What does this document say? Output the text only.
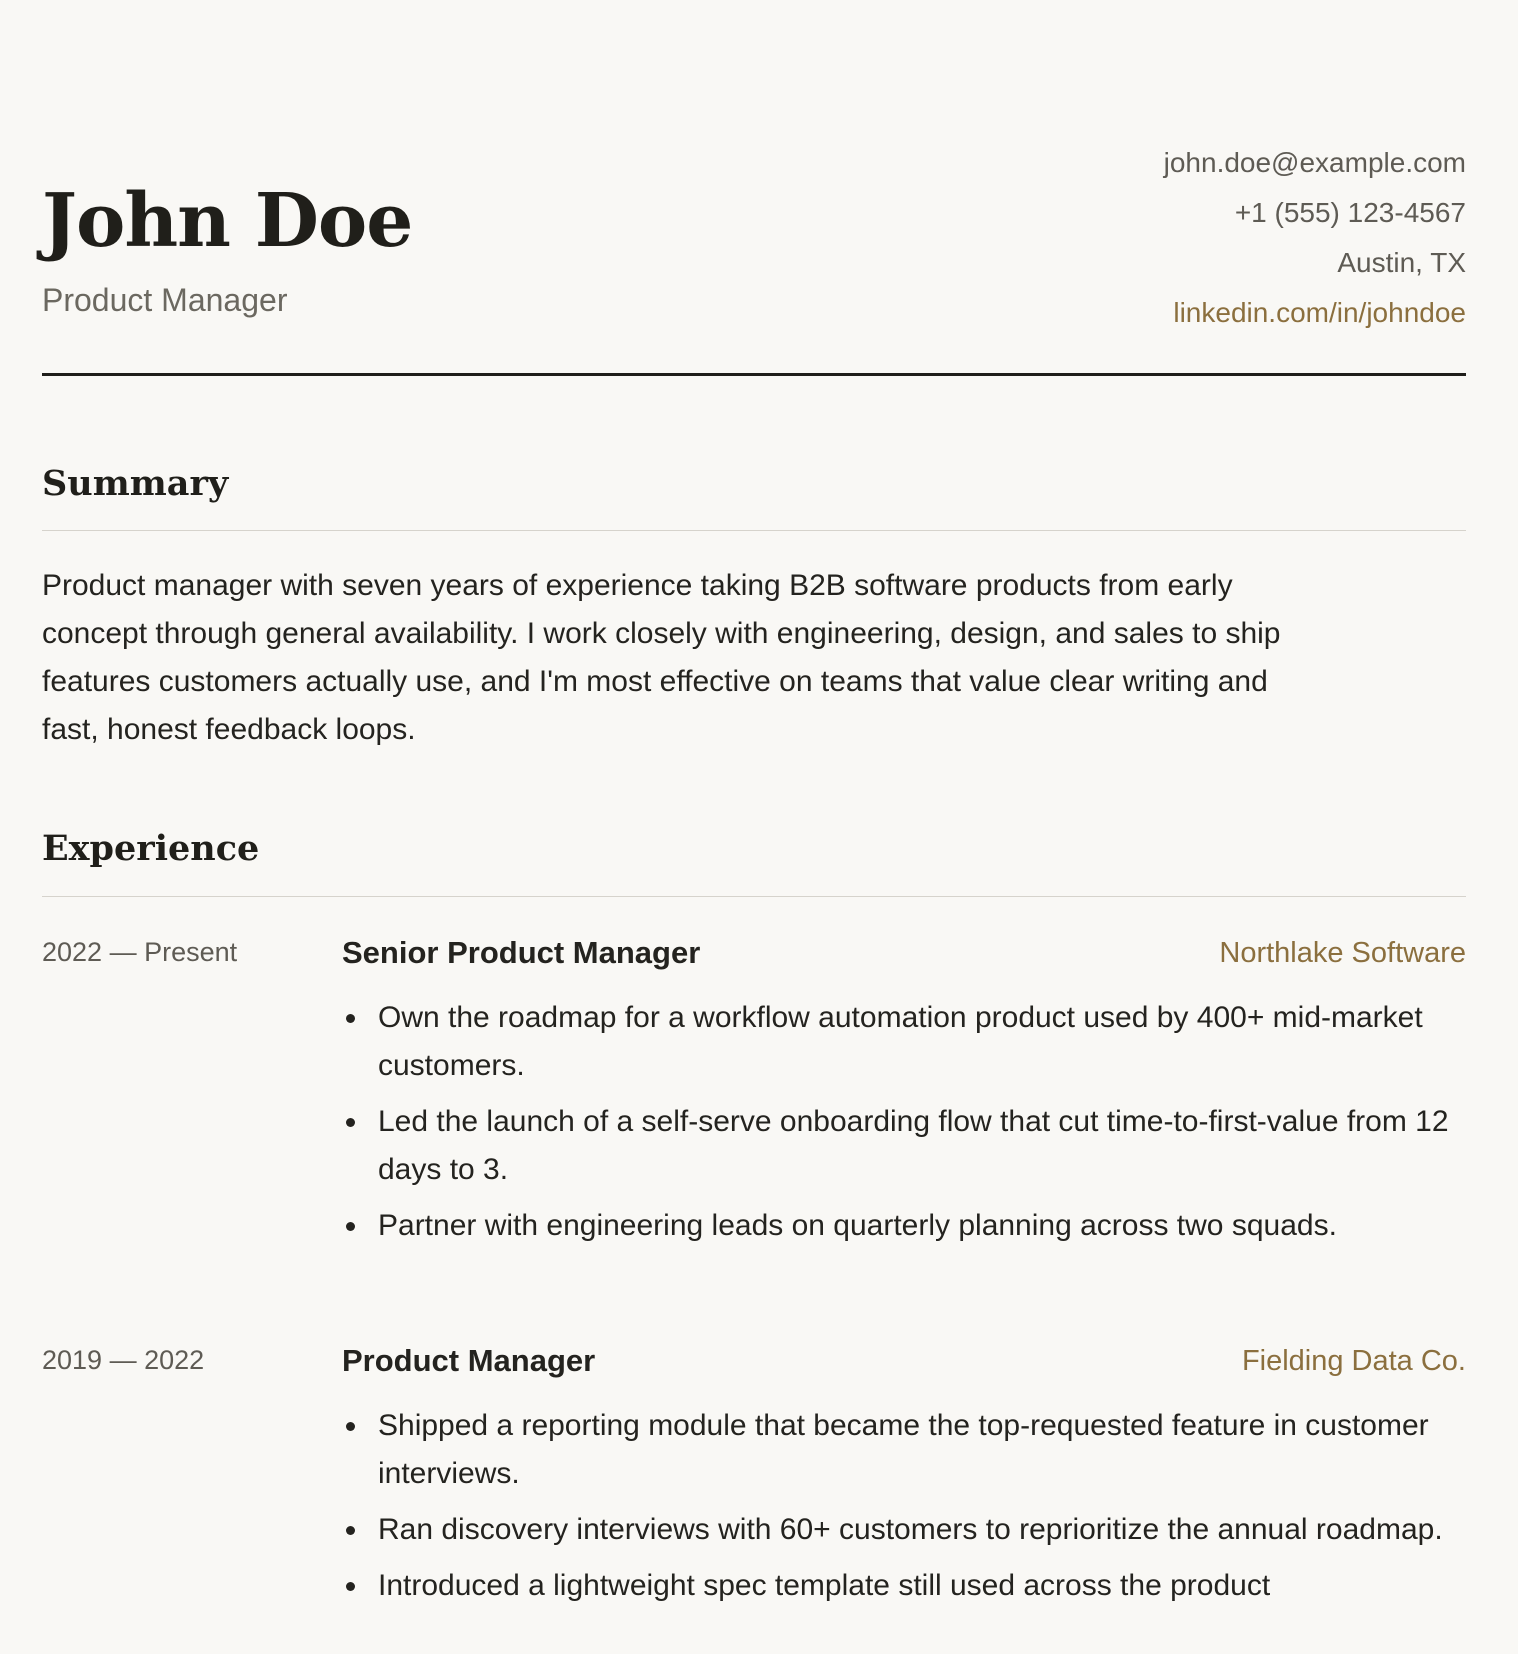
John Doe
Product Manager
john.doe@example.com
+1 (555) 123-4567
Austin, TX
linkedin.com/in/johndoe
Summary

Product manager with seven years of experience taking B2B software products from early concept through general availability. I work closely with engineering, design, and sales to ship features customers actually use, and I'm most effective on teams that value clear writing and fast, honest feedback loops.

Experience
2022 — Present	Senior Product Manager	Northlake Software
Own the roadmap for a workflow automation product used by 400+ mid-market customers.
Led the launch of a self-serve onboarding flow that cut time-to-first-value from 12 days to 3.
Partner with engineering leads on quarterly planning across two squads.
2019 — 2022	Product Manager	Fielding Data Co.
Shipped a reporting module that became the top-requested feature in customer interviews.
Ran discovery interviews with 60+ customers to reprioritize the annual roadmap.
Introduced a lightweight spec template still used across the product
